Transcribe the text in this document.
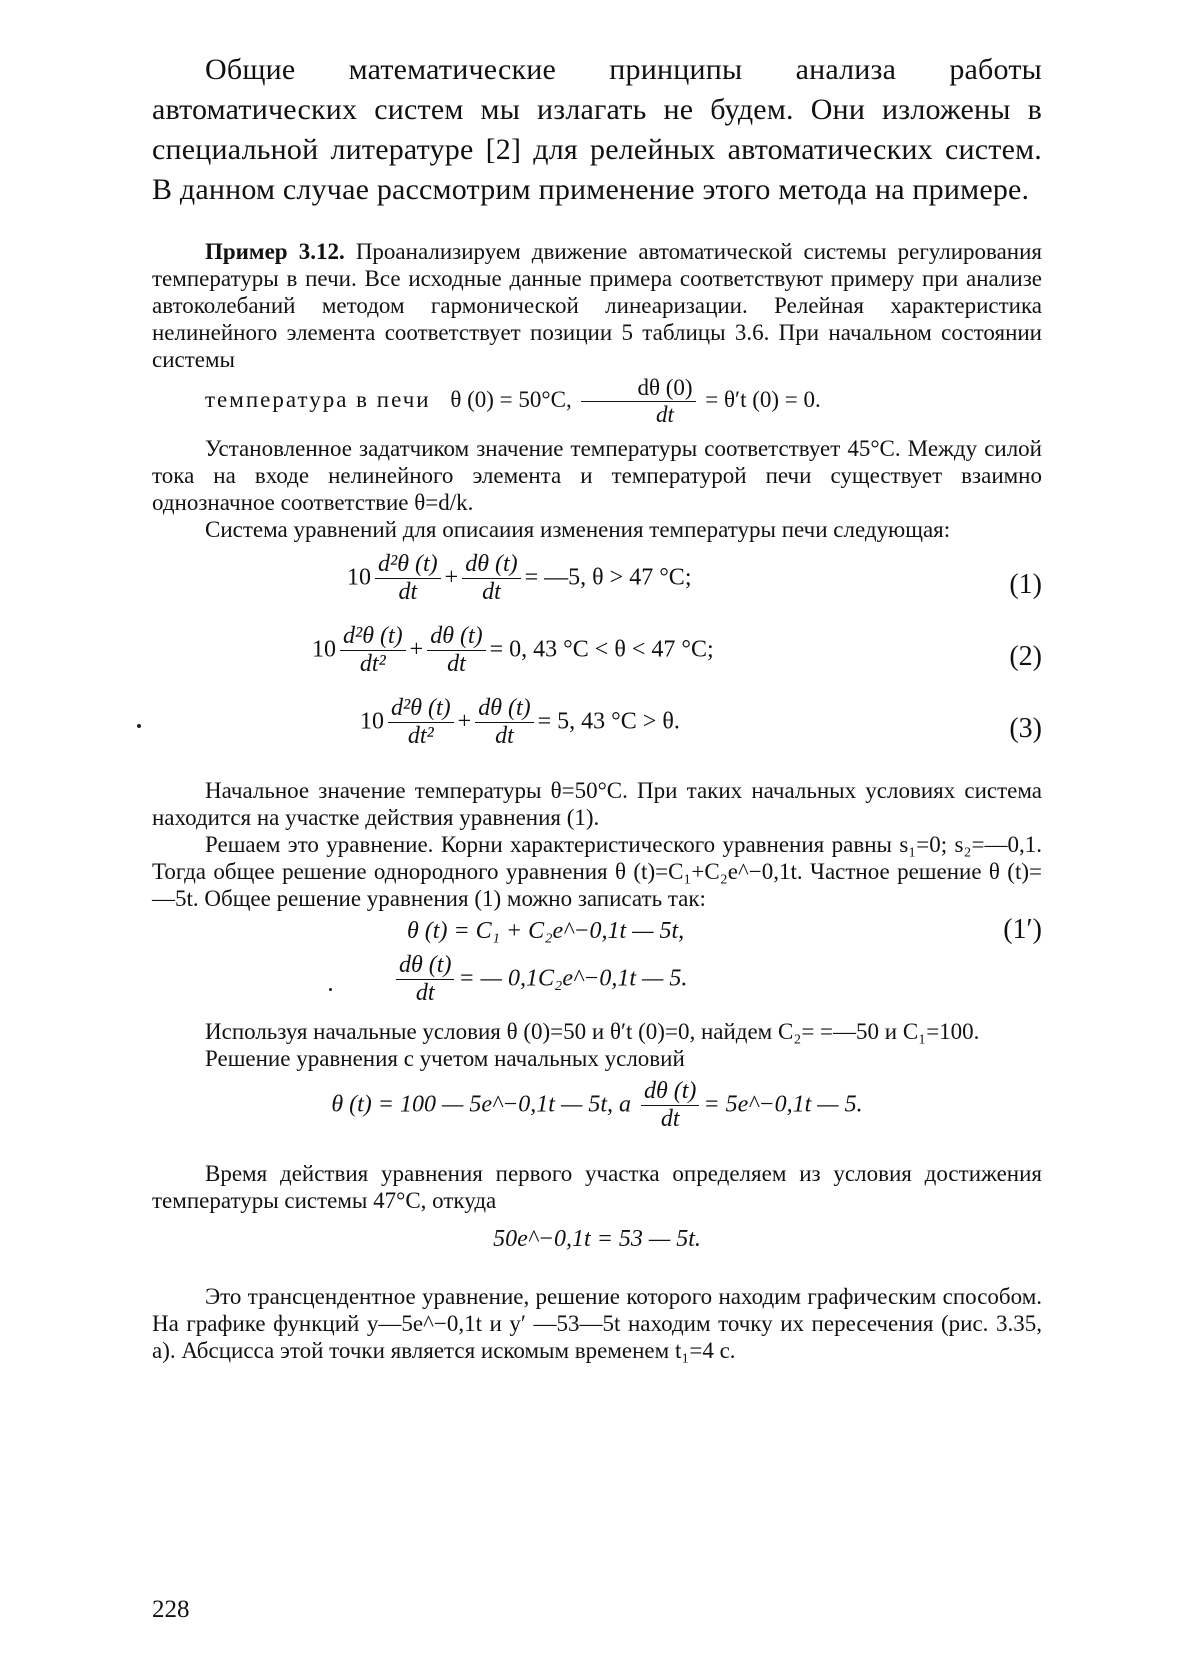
Общие математические принципы анализа работы автоматических систем мы излагать не будем. Они изложены в специальной литературе [2] для релейных автоматических систем. В данном случае рассмотрим применение этого метода на примере.

Пример 3.12. Проанализируем движение автоматической системы регулирования температуры в печи. Все исходные данные примера соответствуют примеру при анализе автоколебаний методом гармонической линеаризации. Релейная характеристика нелинейного элемента соответствует позиции 5 таблицы 3.6. При начальном состоянии системы

температура в печи θ (0) = 50°C, $\frac{d\theta (0)}{dt} = \theta't$ (0) = 0.

Установленное задатчиком значение температуры соответствует 45°С. Между силой тока на входе нелинейного элемента и температурой печи существует взаимно однозначное соответствие θ=d/k.

Система уравнений для описаиия изменения температуры печи следующая:

$10 \frac{\text{d²θ (t)}}{dt} + \frac{d\theta (t)}{dt}$ = —5, θ > 47 °C;	(1)
$10 \frac{\text{d²θ (t)}}{\text{dt²}} + \frac{d\theta (t)}{dt} = 0$, 43 °C < θ < 47 °C;	(2)
$10 \frac{\text{d²θ (t)}}{\text{dt²}} + \frac{d\theta (t)}{dt} = 5$, 43 °C > θ.	(3)

Начальное значение температуры θ=50°С. При таких начальных условиях система находится на участке действия уравнения (1).

Решаем это уравнение. Корни характеристического уравнения равны s₁=0; s₂=—0,1. Тогда общее решение однородного уравнения θ (t)=C₁+C₂e^−0,1t. Частное решение θ (t)=—5t. Общее решение уравнения (1) можно записать так:

θ (t) = C₁ + C₂e^−0,1t — 5t,	(1′)
$\frac{d\theta (t)}{dt}$ = — 0,1C₂e^−0,1t — 5.

Используя начальные условия θ (0)=50 и θ′t (0)=0, найдем C₂= =—50 и C₁=100.

Решение уравнения с учетом начальных условий

θ (t) = 100 — 5e^−0,1t — 5t, а $\frac{d\theta (t)}{dt}$ = 5e^−0,1t — 5.

Время действия уравнения первого участка определяем из условия достижения температуры системы 47°С, откуда

50e^−0,1t = 53 — 5t.

Это трансцендентное уравнение, решение которого находим графическим способом. На графике функций y—5e^−0,1t и y′ —53—5t находим точку их пересечения (рис. 3.35, а). Абсцисса этой точки является искомым временем t₁=4 с.

228
